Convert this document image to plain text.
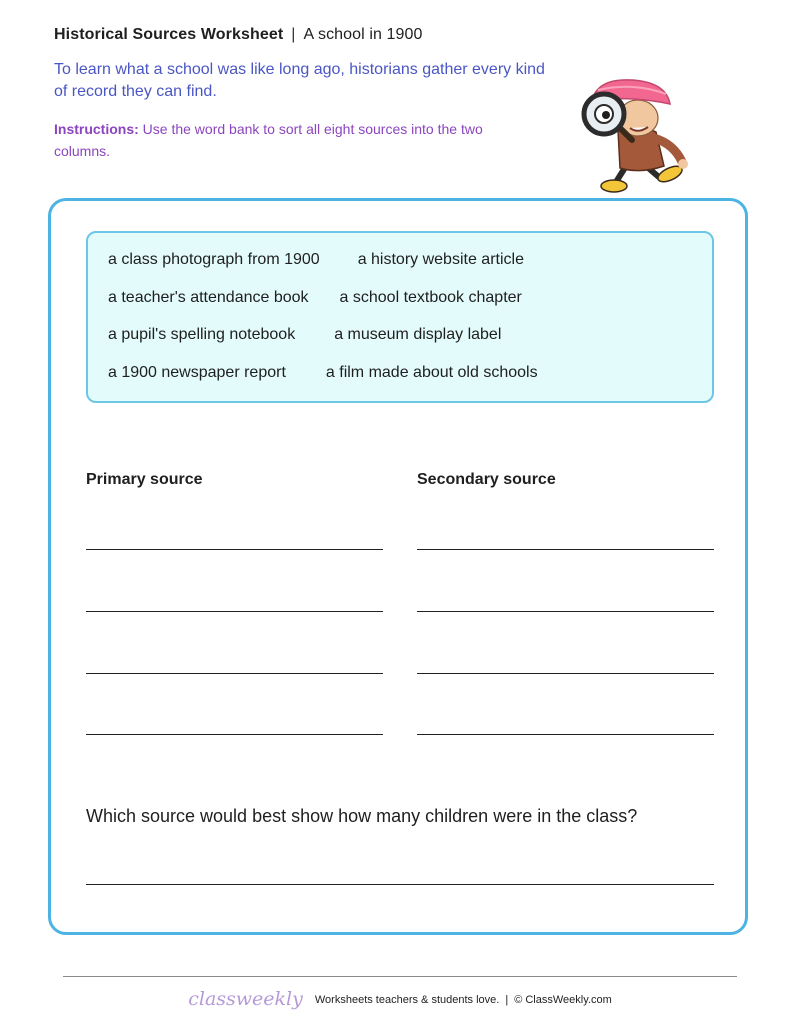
Historical Sources Worksheet | A school in 1900
To learn what a school was like long ago, historians gather every kind of record they can find.
Instructions: Use the word bank to sort all eight sources into the two columns.
a class photograph from 1900 a history website article
a teacher's attendance book a school textbook chapter
a pupil's spelling notebook a museum display label
a 1900 newspaper report	a film made about old schools
Primary source	Secondary source
Which source would best show how many children were in the class?
classweekly Worksheets teachers & students love. | © ClassWeekly.com
